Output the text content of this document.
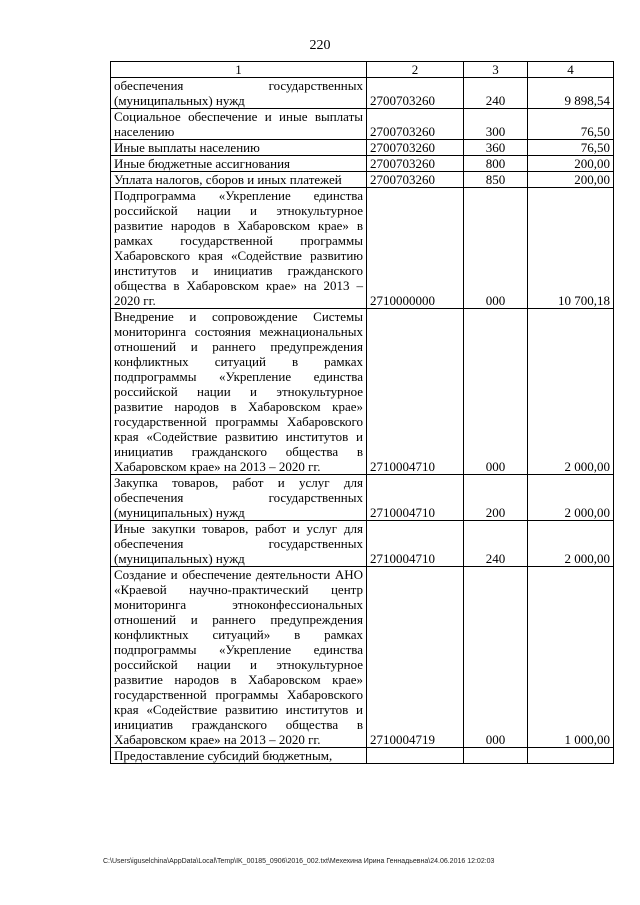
220
1	2	3	4
обеспечения государственных (муниципальных) нужд	2700703260	240	9 898,54
Социальное обеспечение и иные выплаты населению	2700703260	300	76,50
Иные выплаты населению	2700703260	360	76,50
Иные бюджетные ассигнования	2700703260	800	200,00
Уплата налогов, сборов и иных платежей	2700703260	850	200,00
Подпрограмма «Укрепление единства российской нации и этнокультурное развитие народов в Хабаровском крае» в рамках государственной программы Хабаровского края «Содействие развитию институтов и инициатив гражданского общества в Хабаровском крае» на 2013 – 2020 гг.	2710000000	000	10 700,18
Внедрение и сопровождение Системы мониторинга состояния межнациональных отношений и раннего предупреждения конфликтных ситуаций в рамках подпрограммы «Укрепление единства российской нации и этнокультурное развитие народов в Хабаровском крае» государственной программы Хабаровского края «Содействие развитию институтов и инициатив гражданского общества в Хабаровском крае» на 2013 – 2020 гг.	2710004710	000	2 000,00
Закупка товаров, работ и услуг для обеспечения государственных (муниципальных) нужд	2710004710	200	2 000,00
Иные закупки товаров, работ и услуг для обеспечения государственных (муниципальных) нужд	2710004710	240	2 000,00
Создание и обеспечение деятельности АНО «Краевой научно-практический центр мониторинга этноконфессиональных отношений и раннего предупреждения конфликтных ситуаций» в рамках подпрограммы «Укрепление единства российской нации и этнокультурное развитие народов в Хабаровском крае» государственной программы Хабаровского края «Содействие развитию институтов и инициатив гражданского общества в Хабаровском крае» на 2013 – 2020 гг.	2710004719	000	1 000,00
Предоставление субсидий бюджетным,			
C:\Users\iguselchina\AppData\Local\Temp\IK_00185_0906\2016_002.txt\Мехехина Ирина Геннадьевна\24.06.2016 12:02:03
